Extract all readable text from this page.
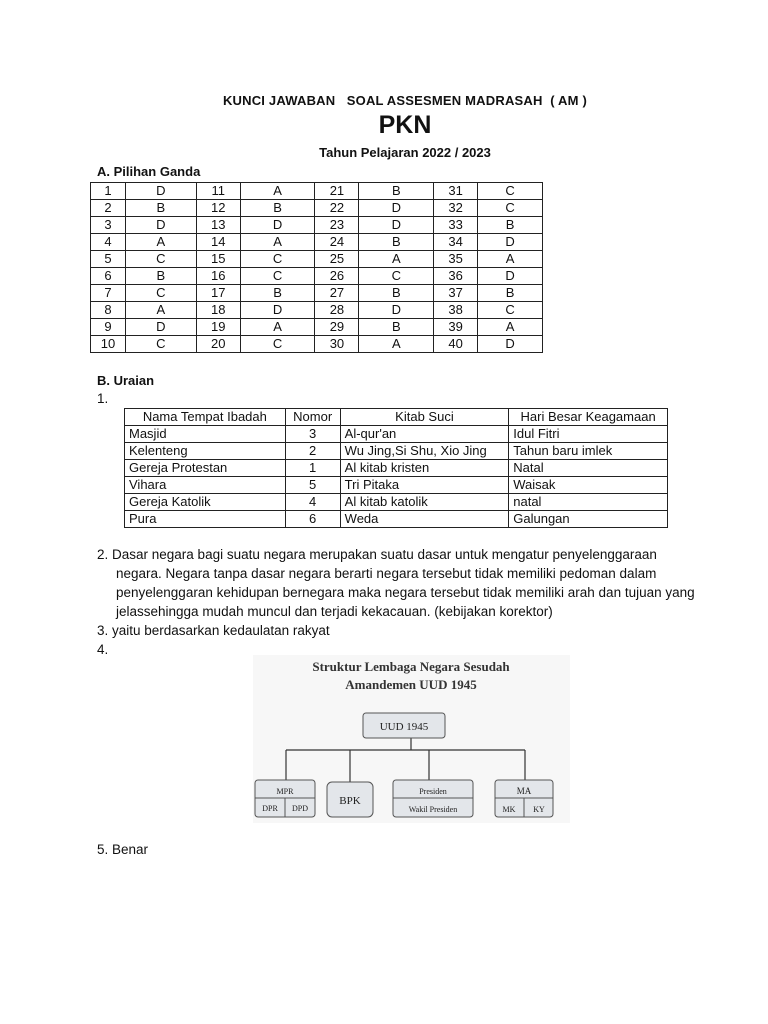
KUNCI JAWABAN   SOAL ASSESMEN MADRASAH  ( AM )
PKN
Tahun Pelajaran 2022 / 2023
A. Pilihan Ganda
1	D	11	A	21	B	31	C
2	B	12	B	22	D	32	C
3	D	13	D	23	D	33	B
4	A	14	A	24	B	34	D
5	C	15	C	25	A	35	A
6	B	16	C	26	C	36	D
7	C	17	B	27	B	37	B
8	A	18	D	28	D	38	C
9	D	19	A	29	B	39	A
10	C	20	C	30	A	40	D
B. Uraian
1.
Nama Tempat Ibadah	Nomor	Kitab Suci	Hari Besar Keagamaan
Masjid	3	Al-qur'an	Idul Fitri
Kelenteng	2	Wu Jing,Si Shu, Xio Jing	Tahun baru imlek
Gereja Protestan	1	Al kitab kristen	Natal
Vihara	5	Tri Pitaka	Waisak
Gereja Katolik	4	Al kitab katolik	natal
Pura	6	Weda	Galungan
2. Dasar negara bagi suatu negara merupakan suatu dasar untuk mengatur penyelenggaraan
negara. Negara tanpa dasar negara berarti negara tersebut tidak memiliki pedoman dalam
penyelenggaran kehidupan bernegara maka negara tersebut tidak memiliki arah dan tujuan yang
jelassehingga mudah muncul dan terjadi kekacauan. (kebijakan korektor)
3. yaitu berdasarkan kedaulatan rakyat
4.
Struktur Lembaga Negara Sesudah
Amandemen UUD 1945
UUD 1945
MPR
DPR DPD
BPK
Presiden
Wakil Presiden
MA
MK KY
5. Benar
